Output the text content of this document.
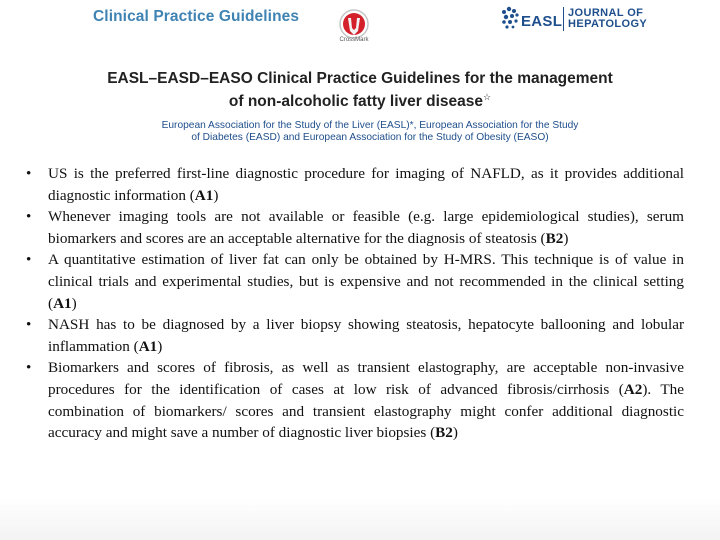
Clinical Practice Guidelines
CrossMark
EASL JOURNAL OF
HEPATOLOGY
EASL–EASD–EASO Clinical Practice Guidelines for the management
of non-alcoholic fatty liver disease☆
European Association for the Study of the Liver (EASL)*, European Association for the Study
of Diabetes (EASD) and European Association for the Study of Obesity (EASO)
• US is the preferred first-line diagnostic procedure for imaging of NAFLD, as it provides additional diagnostic information (A1)
• Whenever imaging tools are not available or feasible (e.g. large epidemiological studies), serum biomarkers and scores are an acceptable alternative for the diagnosis of steatosis (B2)
• A quantitative estimation of liver fat can only be obtained by H-MRS. This technique is of value in clinical trials and experimental studies, but is expensive and not recommended in the clinical setting (A1)
• NASH has to be diagnosed by a liver biopsy showing steatosis, hepatocyte ballooning and lobular inflammation (A1)
• Biomarkers and scores of fibrosis, as well as transient elastography, are acceptable non-invasive procedures for the identification of cases at low risk of advanced fibrosis/cirrhosis (A2). The combination of biomarkers/ scores and transient elastography might confer additional diagnostic accuracy and might save a number of diagnostic liver biopsies (B2)
